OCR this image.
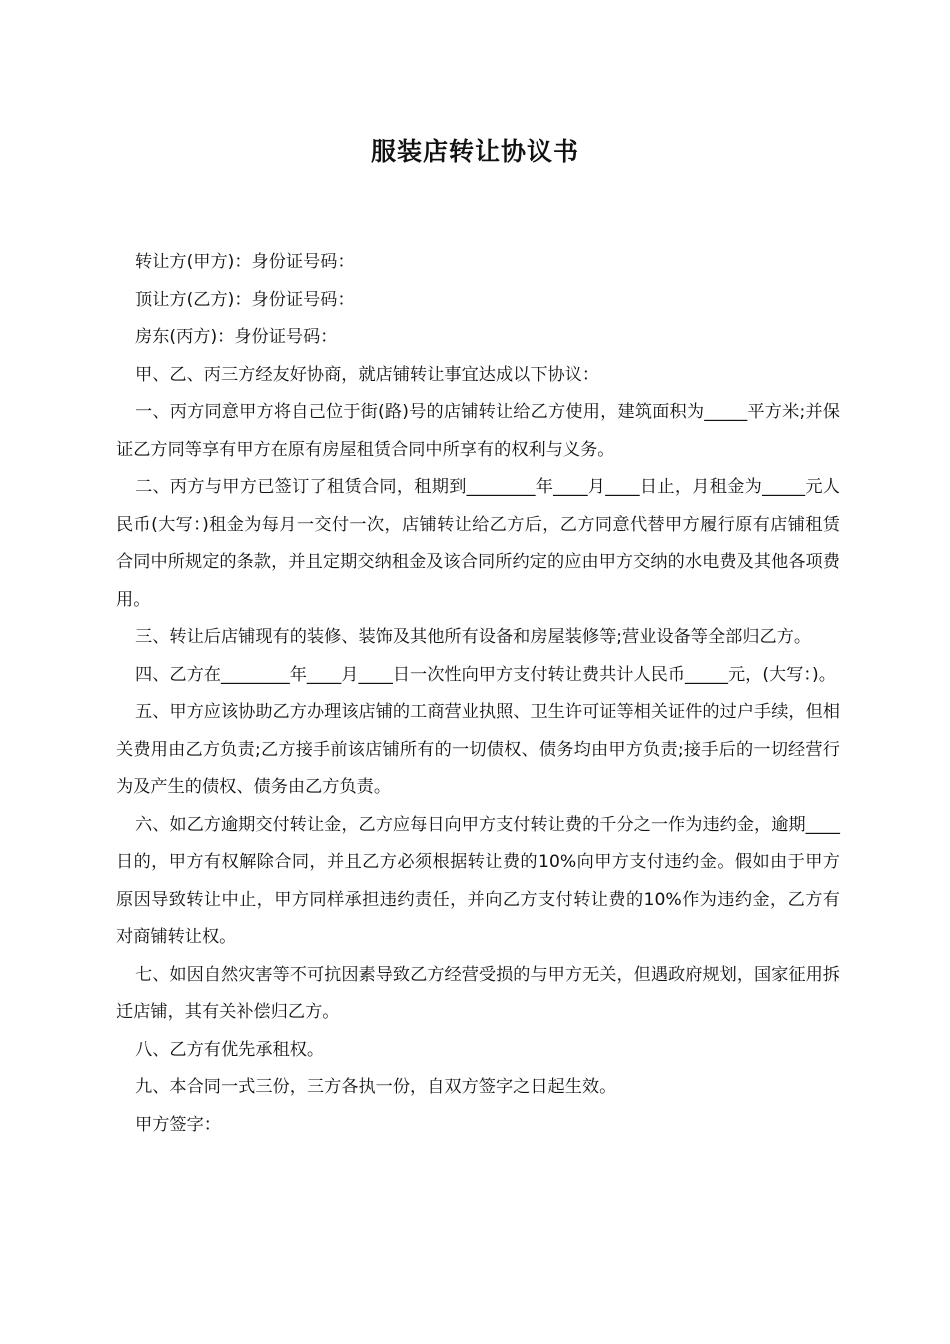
服装店转让协议书

转让方(甲方)：身份证号码：

顶让方(乙方)：身份证号码：

房东(丙方)：身份证号码：

甲、乙、丙三方经友好协商，就店铺转让事宜达成以下协议：

一、丙方同意甲方将自己位于街(路)号的店铺转让给乙方使用，建筑面积为_____平方米;并保证乙方同等享有甲方在原有房屋租赁合同中所享有的权利与义务。

二、丙方与甲方已签订了租赁合同，租期到________年____月____日止，月租金为_____元人民币(大写：)租金为每月一交付一次，店铺转让给乙方后，乙方同意代替甲方履行原有店铺租赁合同中所规定的条款，并且定期交纳租金及该合同所约定的应由甲方交纳的水电费及其他各项费用。

三、转让后店铺现有的装修、装饰及其他所有设备和房屋装修等;营业设备等全部归乙方。

四、乙方在________年____月____日一次性向甲方支付转让费共计人民币_____元，(大写：)。

五、甲方应该协助乙方办理该店铺的工商营业执照、卫生许可证等相关证件的过户手续，但相关费用由乙方负责;乙方接手前该店铺所有的一切债权、债务均由甲方负责;接手后的一切经营行为及产生的债权、债务由乙方负责。

六、如乙方逾期交付转让金，乙方应每日向甲方支付转让费的千分之一作为违约金，逾期____日的，甲方有权解除合同，并且乙方必须根据转让费的10%向甲方支付违约金。假如由于甲方原因导致转让中止，甲方同样承担违约责任，并向乙方支付转让费的10%作为违约金，乙方有对商铺转让权。

七、如因自然灾害等不可抗因素导致乙方经营受损的与甲方无关，但遇政府规划，国家征用拆迁店铺，其有关补偿归乙方。

八、乙方有优先承租权。

九、本合同一式三份，三方各执一份，自双方签字之日起生效。

甲方签字：
